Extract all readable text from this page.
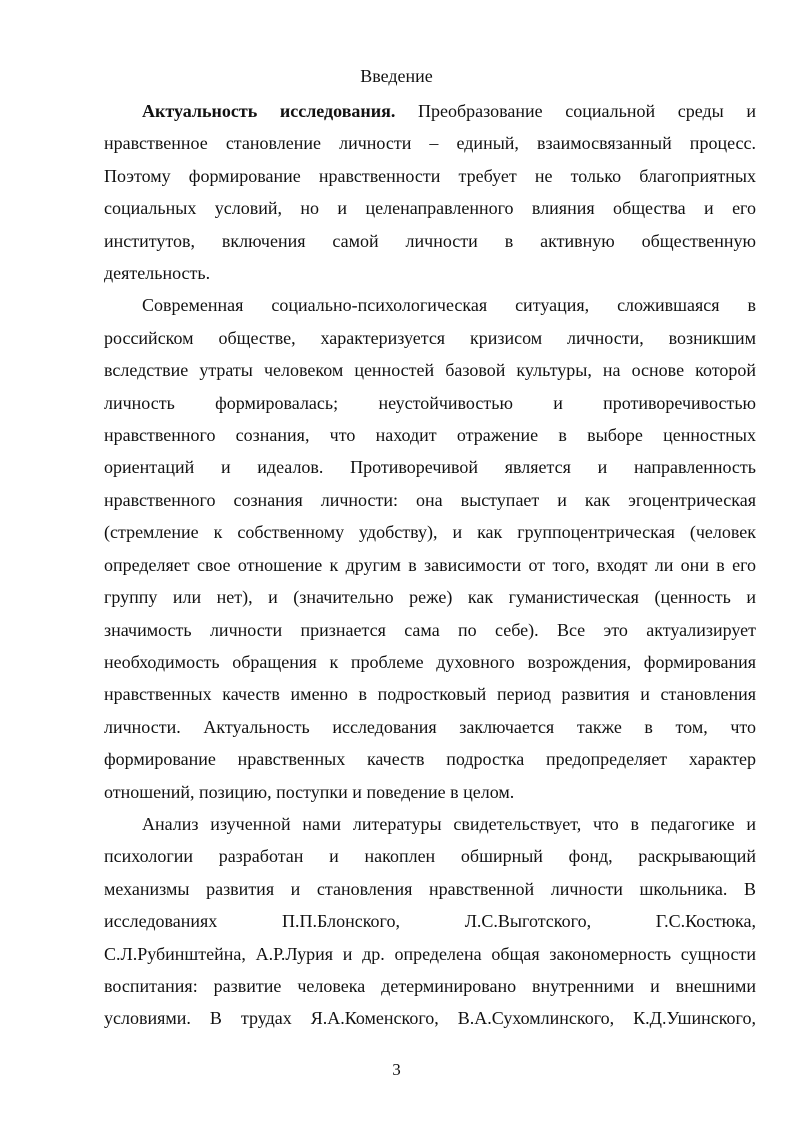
Введение

Актуальность исследования. Преобразование социальной среды и
нравственное становление личности – единый, взаимосвязанный процесс.
Поэтому формирование нравственности требует не только благоприятных
социальных условий, но и целенаправленного влияния общества и его
институтов, включения самой личности в активную общественную
деятельность.

Современная социально-психологическая ситуация, сложившаяся в
российском обществе, характеризуется кризисом личности, возникшим
вследствие утраты человеком ценностей базовой культуры, на основе которой
личность формировалась; неустойчивостью и противоречивостью
нравственного сознания, что находит отражение в выборе ценностных
ориентаций и идеалов. Противоречивой является и направленность
нравственного сознания личности: она выступает и как эгоцентрическая
(стремление к собственному удобству), и как группоцентрическая (человек
определяет свое отношение к другим в зависимости от того, входят ли они в его
группу или нет), и (значительно реже) как гуманистическая (ценность и
значимость личности признается сама по себе). Все это актуализирует
необходимость обращения к проблеме духовного возрождения, формирования
нравственных качеств именно в подростковый период развития и становления
личности. Актуальность исследования заключается также в том, что
формирование нравственных качеств подростка предопределяет характер
отношений, позицию, поступки и поведение в целом.

Анализ изученной нами литературы свидетельствует, что в педагогике и
психологии разработан и накоплен обширный фонд, раскрывающий
механизмы развития и становления нравственной личности школьника. В
исследованиях П.П.Блонского, Л.С.Выготского, Г.С.Костюка,
С.Л.Рубинштейна, А.Р.Лурия и др. определена общая закономерность сущности
воспитания: развитие человека детерминировано внутренними и внешними
условиями. В трудах Я.А.Коменского, В.А.Сухомлинского, К.Д.Ушинского,

3
